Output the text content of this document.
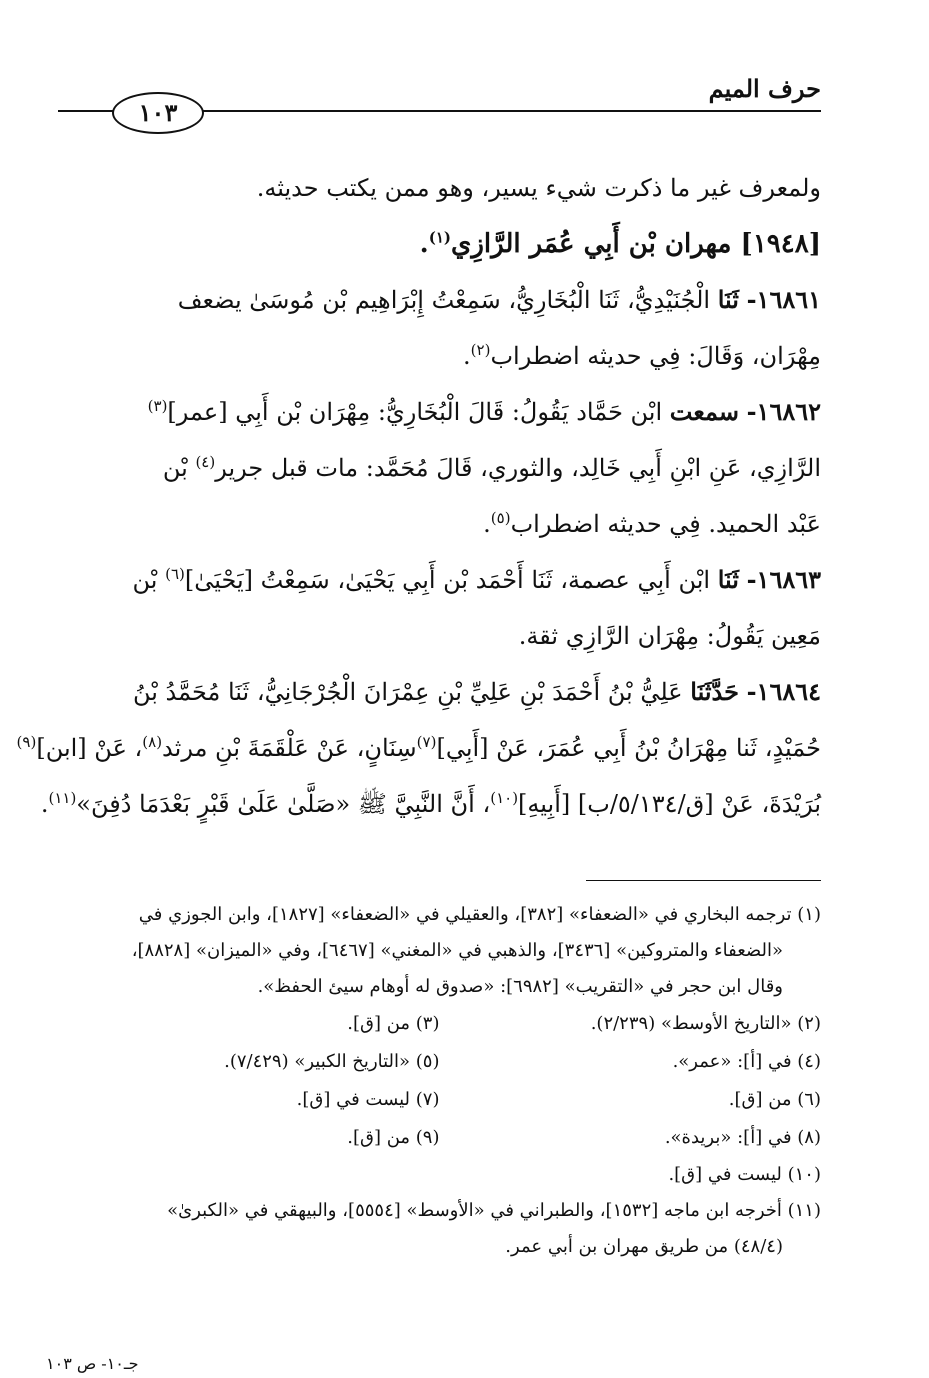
حرف الميم
١٠٣
ولمعرف غير ما ذكرت شيء يسير، وهو ممن يكتب حديثه.
[١٩٤٨] مهران بْن أَبِي عُمَر الرَّازِي$^{(١)}$.
١٦٨٦١- ثَنَا الْجُنَيْدِيُّ، ثَنَا الْبُخَارِيُّ، سَمِعْتُ إِبْرَاهِيم بْن مُوسَىٰ يضعف
مِهْرَان، وَقَالَ: فِي حديثه اضطراب$^{(٢)}$.
١٦٨٦٢- سمعت ابْن حَمَّاد يَقُولُ: قَالَ الْبُخَارِيُّ: مِهْرَان بْن أَبِي [عمر]$^{(٣)}$
الرَّازِي، عَنِ ابْنِ أَبِي خَالِد، والثوري، قَالَ مُحَمَّد: مات قبل جرير$^{(٤)}$ بْن
عَبْد الحميد. فِي حديثه اضطراب$^{(٥)}$.
١٦٨٦٣- ثَنَا ابْن أَبِي عصمة، ثَنَا أَحْمَد بْن أَبِي يَحْيَىٰ، سَمِعْتُ [يَحْيَىٰ]$^{(٦)}$ بْن
مَعِين يَقُولُ: مِهْرَان الرَّازِي ثقة.
١٦٨٦٤- حَدَّثَنَا عَلِيُّ بْنُ أَحْمَدَ بْنِ عَلِيِّ بْنِ عِمْرَانَ الْجُرْجَانِيُّ، ثَنَا مُحَمَّدُ بْنُ
حُمَيْدٍ، ثَنا مِهْرَانُ بْنُ أَبِي عُمَرَ، عَنْ [أَبِي]$^{(٧)}$سِنَانٍ، عَنْ عَلْقَمَةَ بْنِ مرثد$^{(٨)}$، عَنْ [ابن]$^{(٩)}$
بُرَيْدَةَ، عَنْ [ق/٥/١٣٤/ب] [أَبِيهِ]$^{(١٠)}$، أَنَّ النَّبِيَّ ﷺ «صَلَّىٰ عَلَىٰ قَبْرٍ بَعْدَمَا دُفِنَ»$^{(١١)}$.
(١) ترجمه البخاري في «الضعفاء» [٣٨٢]، والعقيلي في «الضعفاء» [١٨٢٧]، وابن الجوزي في
«الضعفاء والمتروكين» [٣٤٣٦]، والذهبي في «المغني» [٦٤٦٧]، وفي «الميزان» [٨٨٢٨]،
وقال ابن حجر في «التقريب» [٦٩٨٢]: «صدوق له أوهام سيئ الحفظ».
(٢) «التاريخ الأوسط» (٢/٢٣٩).
(٣) من [ق].
(٤) في [أ]: «عمر».
(٥) «التاريخ الكبير» (٧/٤٢٩).
(٦) من [ق].
(٧) ليست في [ق].
(٨) في [أ]: «بريدة».
(٩) من [ق].
(١٠) ليست في [ق].
(١١) أخرجه ابن ماجه [١٥٣٢]، والطبراني في «الأوسط» [٥٥٥٤]، والبيهقي في «الكبرىٰ»
(٤٨/٤) من طريق مهران بن أبي عمر.
جـ١٠- ص ١٠٣
